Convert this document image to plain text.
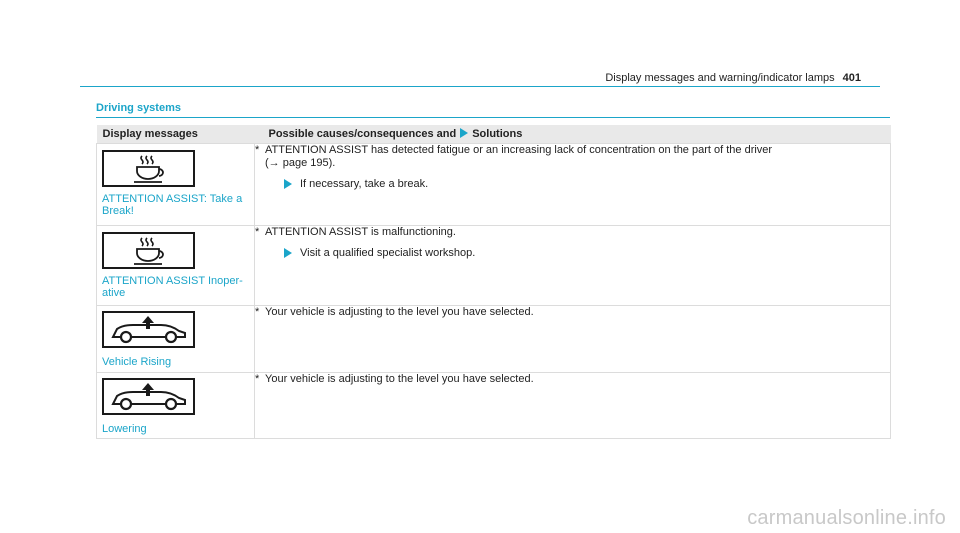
Display messages and warning/indicator lamps 401
Driving systems
Display messages	Possible causes/consequences and Solutions

ATTENTION ASSIST: Take a Break!	* ATTENTION ASSIST has detected fatigue or an increasing lack of concentration on the part of the driver
(→ page 195).
If necessary, take a break.

ATTENTION ASSIST Inoper-ative	* ATTENTION ASSIST is malfunctioning.
Visit a qualified specialist workshop.

Vehicle Rising	* Your vehicle is adjusting to the level you have selected.

Lowering	* Your vehicle is adjusting to the level you have selected.
carmanualsonline.info
